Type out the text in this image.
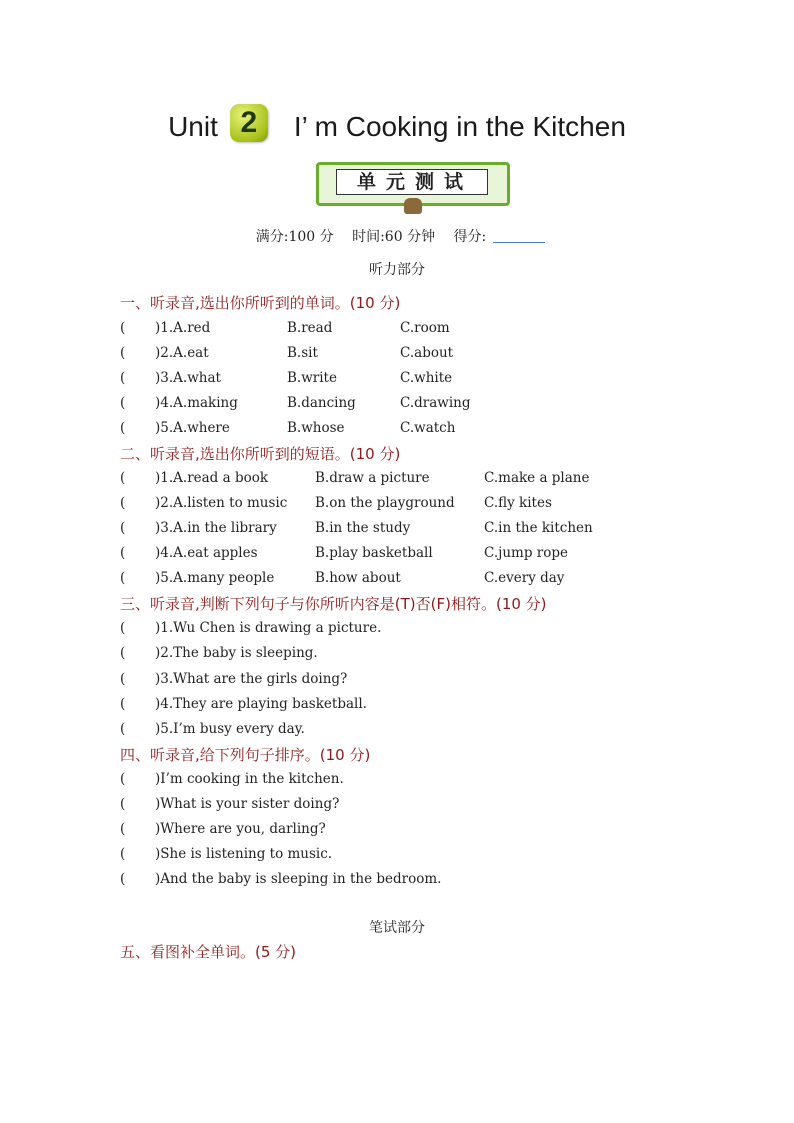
Unit 2 I’ m Cooking in the Kitchen
单元测试
满分:100 分 时间:60 分钟 得分:
听力部分
一、听录音,选出你所听到的单词。(10 分)
( )1.A.red	B.read	C.room
( )2.A.eat	B.sit	C.about
( )3.A.what	B.write	C.white
( )4.A.making	B.dancing	C.drawing
( )5.A.where	B.whose	C.watch
二、听录音,选出你所听到的短语。(10 分)
( )1.A.read a book	B.draw a picture	C.make a plane
( )2.A.listen to music B.on the playground C.fly kites
( )3.A.in the library	B.in the study	C.in the kitchen
( )4.A.eat apples	B.play basketball	C.jump rope
( )5.A.many people	B.how about	C.every day
三、听录音,判断下列句子与你所听内容是(T)否(F)相符。(10 分)
( )1.Wu Chen is drawing a picture.
( )2.The baby is sleeping.
( )3.What are the girls doing?
( )4.They are playing basketball.
( )5.I’m busy every day.
四、听录音,给下列句子排序。(10 分)
( )I’m cooking in the kitchen.
( )What is your sister doing?
( )Where are you, darling?
( )She is listening to music.
( )And the baby is sleeping in the bedroom.
笔试部分
五、看图补全单词。(5 分)
